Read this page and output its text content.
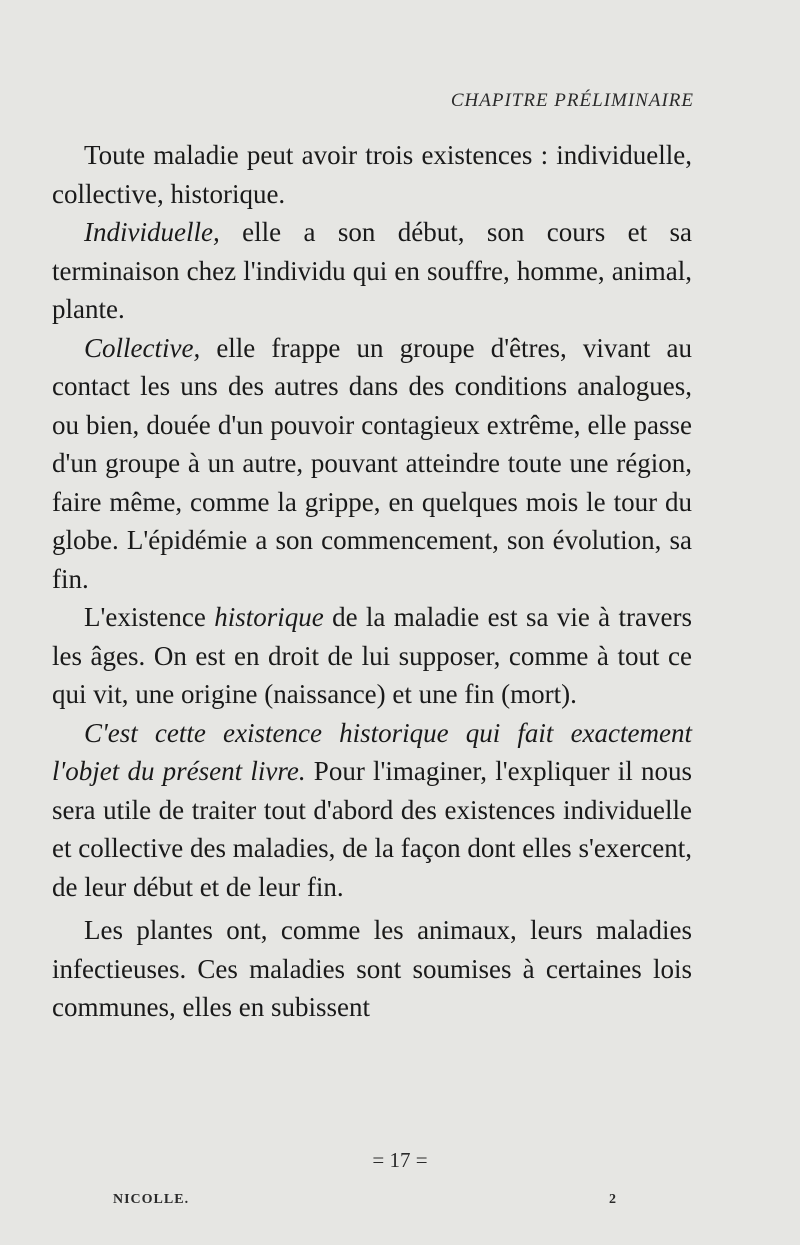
CHAPITRE PRÉLIMINAIRE

Toute maladie peut avoir trois existences : individuelle, collective, historique.

Individuelle, elle a son début, son cours et sa terminaison chez l'individu qui en souffre, homme, animal, plante.

Collective, elle frappe un groupe d'êtres, vivant au contact les uns des autres dans des conditions analogues, ou bien, douée d'un pouvoir contagieux extrême, elle passe d'un groupe à un autre, pouvant atteindre toute une région, faire même, comme la grippe, en quelques mois le tour du globe. L'épidémie a son commencement, son évolution, sa fin.

L'existence historique de la maladie est sa vie à travers les âges. On est en droit de lui supposer, comme à tout ce qui vit, une origine (naissance) et une fin (mort).

C'est cette existence historique qui fait exactement l'objet du présent livre. Pour l'imaginer, l'expliquer il nous sera utile de traiter tout d'abord des existences individuelle et collective des maladies, de la façon dont elles s'exercent, de leur début et de leur fin.

Les plantes ont, comme les animaux, leurs maladies infectieuses. Ces maladies sont soumises à certaines lois communes, elles en subissent

= 17 =
NICOLLE.	2
